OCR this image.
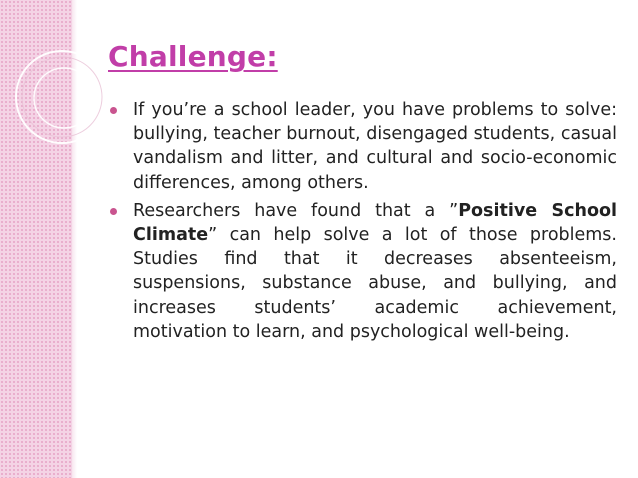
Challenge:
If you’re a school leader, you have problems to solve: bullying, teacher burnout, disengaged students, casual vandalism and litter, and cultural and socio-economic differences, among others.
Researchers have found that a ”Positive School Climate” can help solve a lot of those problems. Studies find that it decreases absenteeism, suspensions, substance abuse, and bullying, and increases students’ academic achievement, motivation to learn, and psychological well-being.
